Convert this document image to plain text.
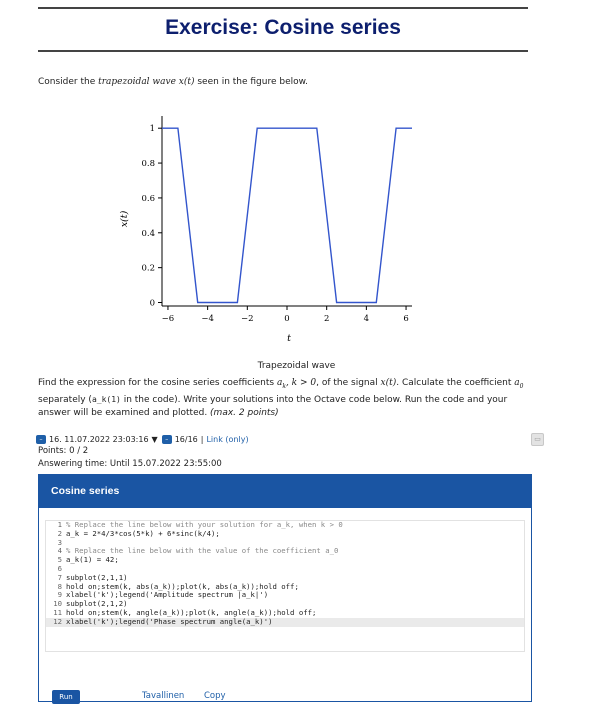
Exercise: Cosine series
Consider the trapezoidal wave x(t) seen in the figure below.
−6	−4	−2	0	2	4	6
0
0.2
0.4
0.6
0.8
1
x(t)
t
Trapezoidal wave
Find the expression for the cosine series coefficients $a_k$, k > 0, of the signal x(t). Calculate the coefficient $a_0$ separately (a_k(1) in the code). Write your solutions into the Octave code below. Run the code and your answer will be examined and plotted. (max. 2 points)
– 16. 11.07.2022 23:03:16 ▼	– 16/16 | Link (only)	▭
Points: 0 / 2
Answering time: Until 15.07.2022 23:55:00
Cosine series
1 % Replace the line below with your solution for a_k, when k > 0
2 a_k = 2*4/3*cos(5*k) + 6*sinc(k/4);
3
4 % Replace the line below with the value of the coefficient a_0
5 a_k(1) = 42;
6
7 subplot(2,1,1)
8 hold on;stem(k, abs(a_k));plot(k, abs(a_k));hold off;
9 xlabel('k');legend('Amplitude spectrum |a_k|')
10 subplot(2,1,2)
11 hold on;stem(k, angle(a_k));plot(k, angle(a_k));hold off;
12 xlabel('k');legend('Phase spectrum angle(a_k)')
Run	Tavallinen Copy
